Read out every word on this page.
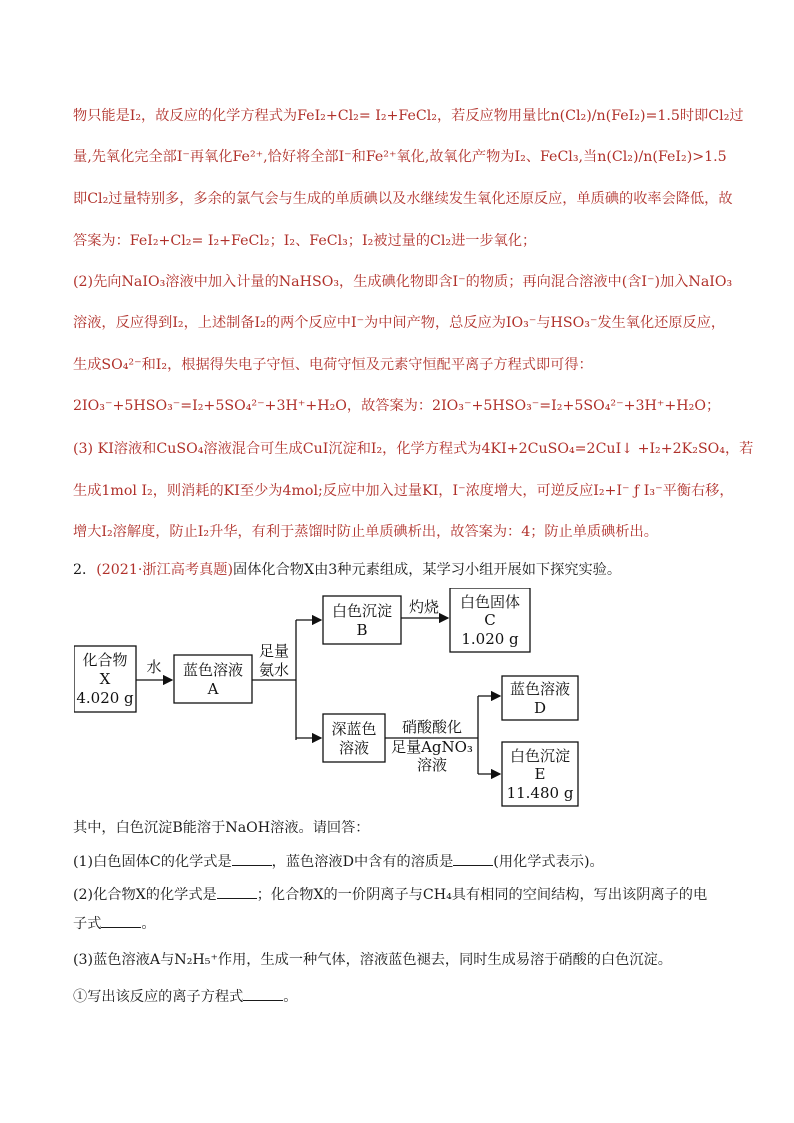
物只能是I₂，故反应的化学方程式为FeI₂+Cl₂= I₂+FeCl₂，若反应物用量比n(Cl₂)/n(FeI₂)=1.5时即Cl₂过
量,先氧化完全部I⁻再氧化Fe²⁺,恰好将全部I⁻和Fe²⁺氧化,故氧化产物为I₂、FeCl₃,当n(Cl₂)/n(FeI₂)>1.5
即Cl₂过量特别多，多余的氯气会与生成的单质碘以及水继续发生氧化还原反应，单质碘的收率会降低，故
答案为：FeI₂+Cl₂= I₂+FeCl₂；I₂、FeCl₃；I₂被过量的Cl₂进一步氧化；
(2)先向NaIO₃溶液中加入计量的NaHSO₃，生成碘化物即含I⁻的物质；再向混合溶液中(含I⁻)加入NaIO₃
溶液，反应得到I₂，上述制备I₂的两个反应中I⁻为中间产物，总反应为IO₃⁻与HSO₃⁻发生氧化还原反应，
生成SO₄²⁻和I₂，根据得失电子守恒、电荷守恒及元素守恒配平离子方程式即可得：
2IO₃⁻+5HSO₃⁻=I₂+5SO₄²⁻+3H⁺+H₂O，故答案为：2IO₃⁻+5HSO₃⁻=I₂+5SO₄²⁻+3H⁺+H₂O；
(3) KI溶液和CuSO₄溶液混合可生成CuI沉淀和I₂，化学方程式为4KI+2CuSO₄=2CuI↓ +I₂+2K₂SO₄，若
生成1mol I₂，则消耗的KI至少为4mol;反应中加入过量KI，I⁻浓度增大，可逆反应I₂+I⁻ ƒ I₃⁻平衡右移，
增大I₂溶解度，防止I₂升华，有利于蒸馏时防止单质碘析出，故答案为：4；防止单质碘析出。
2．(2021·浙江高考真题)固体化合物X由3种元素组成，某学习小组开展如下探究实验。
化合物
X
4.020 g
水 蓝色溶液
A
足量
氨水
白色沉淀
B
灼烧 白色固体
C
1.020 g
深蓝色
溶液
硝酸酸化
足量AgNO₃
溶液
蓝色溶液
D
白色沉淀
E
11.480 g
其中，白色沉淀B能溶于NaOH溶液。请回答：
(1)白色固体C的化学式是	，蓝色溶液D中含有的溶质是	(用化学式表示)。
(2)化合物X的化学式是	；化合物X的一价阴离子与CH₄具有相同的空间结构，写出该阴离子的电
子式	。
(3)蓝色溶液A与N₂H₅⁺作用，生成一种气体，溶液蓝色褪去，同时生成易溶于硝酸的白色沉淀。
①写出该反应的离子方程式	。
